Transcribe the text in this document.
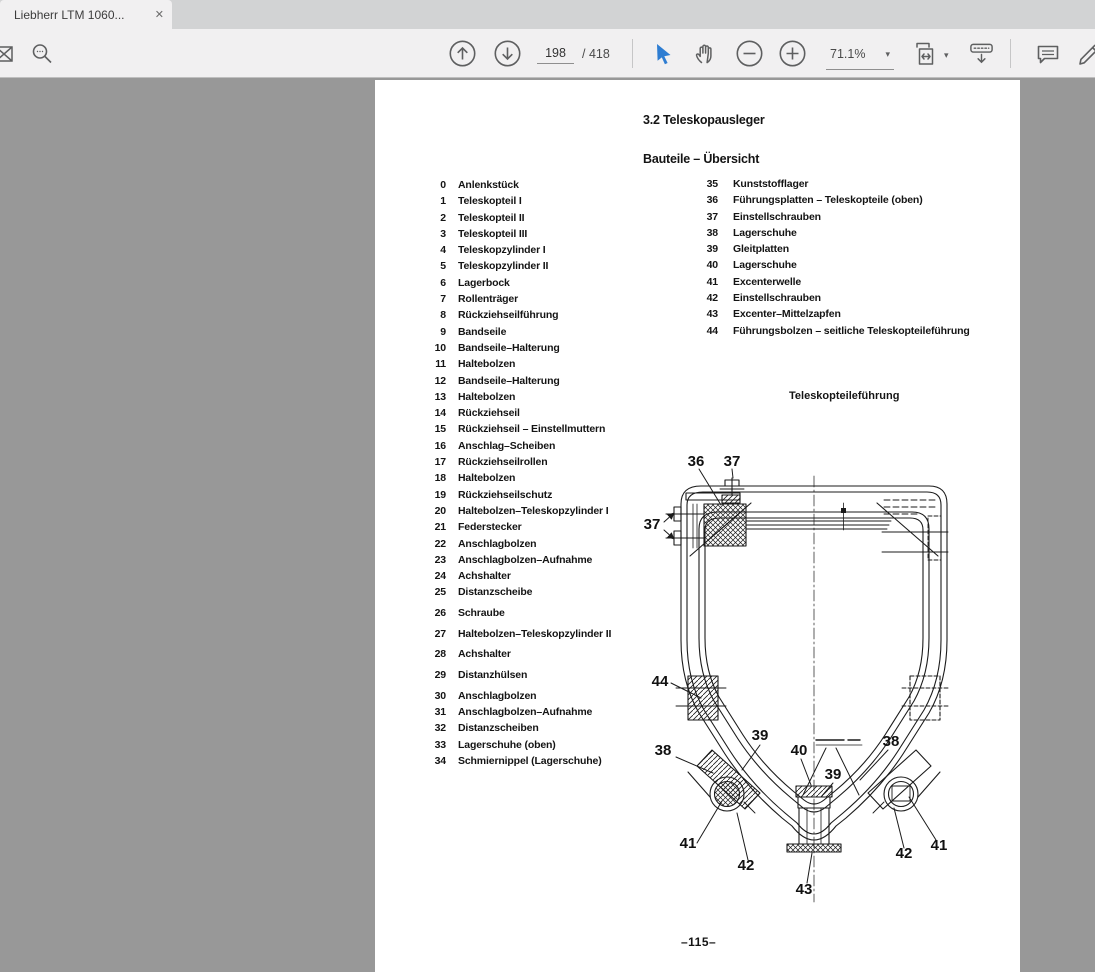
Liebherr LTM 1060...	✕
198
/ 418	71.1% ▾	▾
3.2 Teleskopausleger
Bauteile – Übersicht
0 Anlenkstück
1 Teleskopteil I
2 Teleskopteil II
3 Teleskopteil III
4 Teleskopzylinder I
5 Teleskopzylinder II
6 Lagerbock
7 Rollenträger
8 Rückziehseilführung
9 Bandseile
10 Bandseile–Halterung
11 Haltebolzen
12 Bandseile–Halterung
13 Haltebolzen
14 Rückziehseil
15 Rückziehseil – Einstellmuttern
16 Anschlag–Scheiben
17 Rückziehseilrollen
18 Haltebolzen
19 Rückziehseilschutz
20 Haltebolzen–Teleskopzylinder I
21 Federstecker
22 Anschlagbolzen
23 Anschlagbolzen–Aufnahme
24 Achshalter
25 Distanzscheibe
26 Schraube
27 Haltebolzen–Teleskopzylinder II
28 Achshalter
29 Distanzhülsen
30 Anschlagbolzen
31 Anschlagbolzen–Aufnahme
32 Distanzscheiben
33 Lagerschuhe (oben)
34 Schmiernippel (Lagerschuhe)
35 Kunststofflager
36 Führungsplatten – Teleskopteile (oben)
37 Einstellschrauben
38 Lagerschuhe
39 Gleitplatten
40 Lagerschuhe
41 Excenterwelle
42 Einstellschrauben
43 Excenter–Mittelzapfen
44 Führungsbolzen – seitliche Teleskopteileführung
Teleskopteileführung
36 37
37
44
38
39
40
39
38
41
42
43
42 41
–115–
